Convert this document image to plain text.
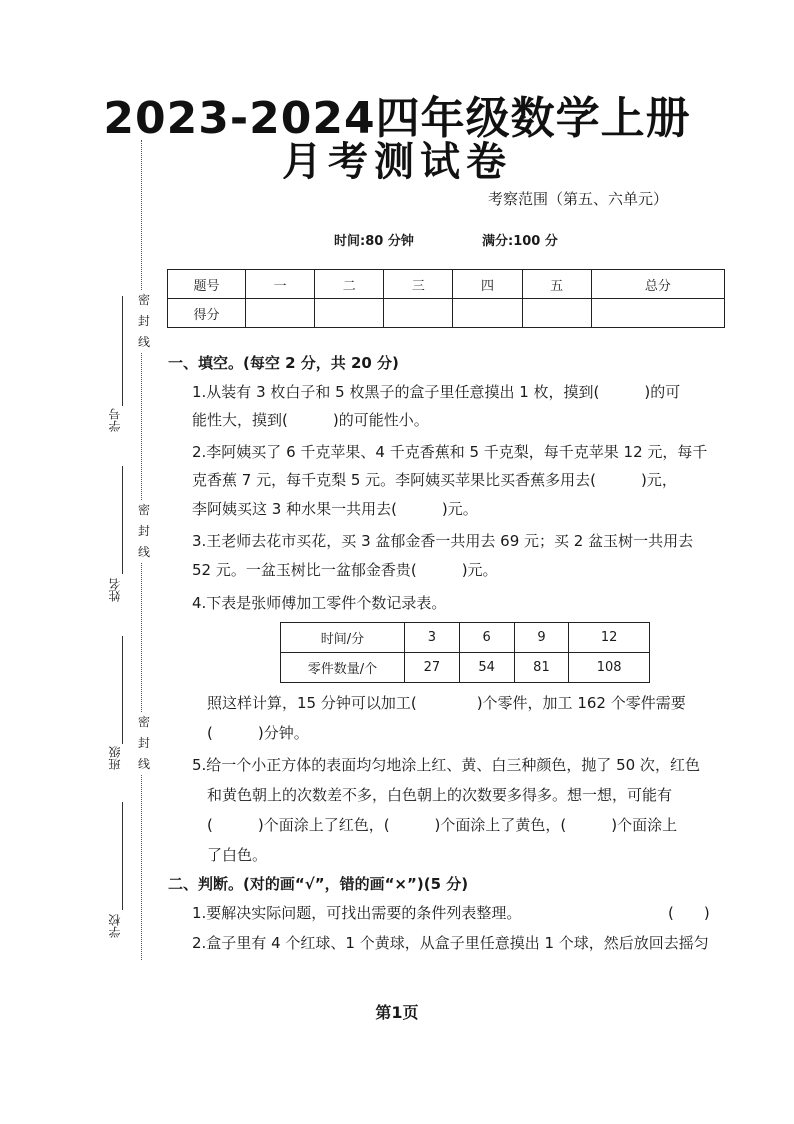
2023-2024四年级数学上册
月考测试卷
考察范围（第五、六单元）
时间:80 分钟	满分:100 分
题号	一	二	三	四	五	总分
得分						
密
封
线
密
封
线
密
封
线
学号
姓名
班级
学校
一、填空。(每空 2 分，共 20 分)
1.从装有 3 枚白子和 5 枚黑子的盒子里任意摸出 1 枚，摸到(　　　)的可
能性大，摸到(　　　)的可能性小。
2.李阿姨买了 6 千克苹果、4 千克香蕉和 5 千克梨，每千克苹果 12 元，每千
克香蕉 7 元，每千克梨 5 元。李阿姨买苹果比买香蕉多用去(　　　)元，
李阿姨买这 3 种水果一共用去(　　　)元。
3.王老师去花市买花，买 3 盆郁金香一共用去 69 元；买 2 盆玉树一共用去
52 元。一盆玉树比一盆郁金香贵(　　　)元。
4.下表是张师傅加工零件个数记录表。
时间/分	3	6	9	12
零件数量/个	27	54	81	108
照这样计算，15 分钟可以加工(　　　　)个零件，加工 162 个零件需要
(　　　)分钟。
5.给一个小正方体的表面均匀地涂上红、黄、白三种颜色，抛了 50 次，红色
和黄色朝上的次数差不多，白色朝上的次数要多得多。想一想，可能有
(　　　)个面涂上了红色，(　　　)个面涂上了黄色，(　　　)个面涂上
了白色。
二、判断。(对的画“√”，错的画“×”)(5 分)
1.要解决实际问题，可找出需要的条件列表整理。	(　　)
2.盒子里有 4 个红球、1 个黄球，从盒子里任意摸出 1 个球，然后放回去摇匀
第1页
